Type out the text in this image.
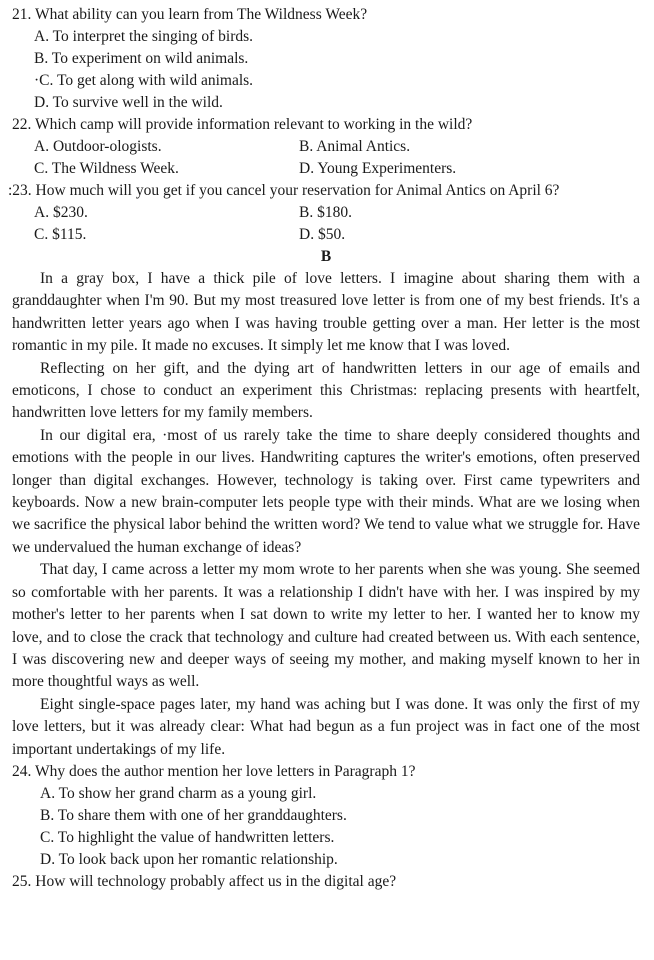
21. What ability can you learn from The Wildness Week?
A. To interpret the singing of birds.
B. To experiment on wild animals.
·C. To get along with wild animals.
D. To survive well in the wild.
22. Which camp will provide information relevant to working in the wild?
A. Outdoor-ologists.	B. Animal Antics.
C. The Wildness Week.	D. Young Experimenters.
:23. How much will you get if you cancel your reservation for Animal Antics on April 6?
A. $230.	B. $180.
C. $115.	D. $50.
B

In a gray box, I have a thick pile of love letters. I imagine about sharing them with a granddaughter when I'm 90. But my most treasured love letter is from one of my best friends. It's a handwritten letter years ago when I was having trouble getting over a man. Her letter is the most romantic in my pile. It made no excuses. It simply let me know that I was loved.

Reflecting on her gift, and the dying art of handwritten letters in our age of emails and emoticons, I chose to conduct an experiment this Christmas: replacing presents with heartfelt, handwritten love letters for my family members.

In our digital era, ·most of us rarely take the time to share deeply considered thoughts and emotions with the people in our lives. Handwriting captures the writer's emotions, often preserved longer than digital exchanges. However, technology is taking over. First came typewriters and keyboards. Now a new brain-computer lets people type with their minds. What are we losing when we sacrifice the physical labor behind the written word? We tend to value what we struggle for. Have we undervalued the human exchange of ideas?

That day, I came across a letter my mom wrote to her parents when she was young. She seemed so comfortable with her parents. It was a relationship I didn't have with her. I was inspired by my mother's letter to her parents when I sat down to write my letter to her. I wanted her to know my love, and to close the crack that technology and culture had created between us. With each sentence, I was discovering new and deeper ways of seeing my mother, and making myself known to her in more thoughtful ways as well.

Eight single-space pages later, my hand was aching but I was done. It was only the first of my love letters, but it was already clear: What had begun as a fun project was in fact one of the most important undertakings of my life.

24. Why does the author mention her love letters in Paragraph 1?
A. To show her grand charm as a young girl.
B. To share them with one of her granddaughters.
C. To highlight the value of handwritten letters.
D. To look back upon her romantic relationship.
25. How will technology probably affect us in the digital age?
